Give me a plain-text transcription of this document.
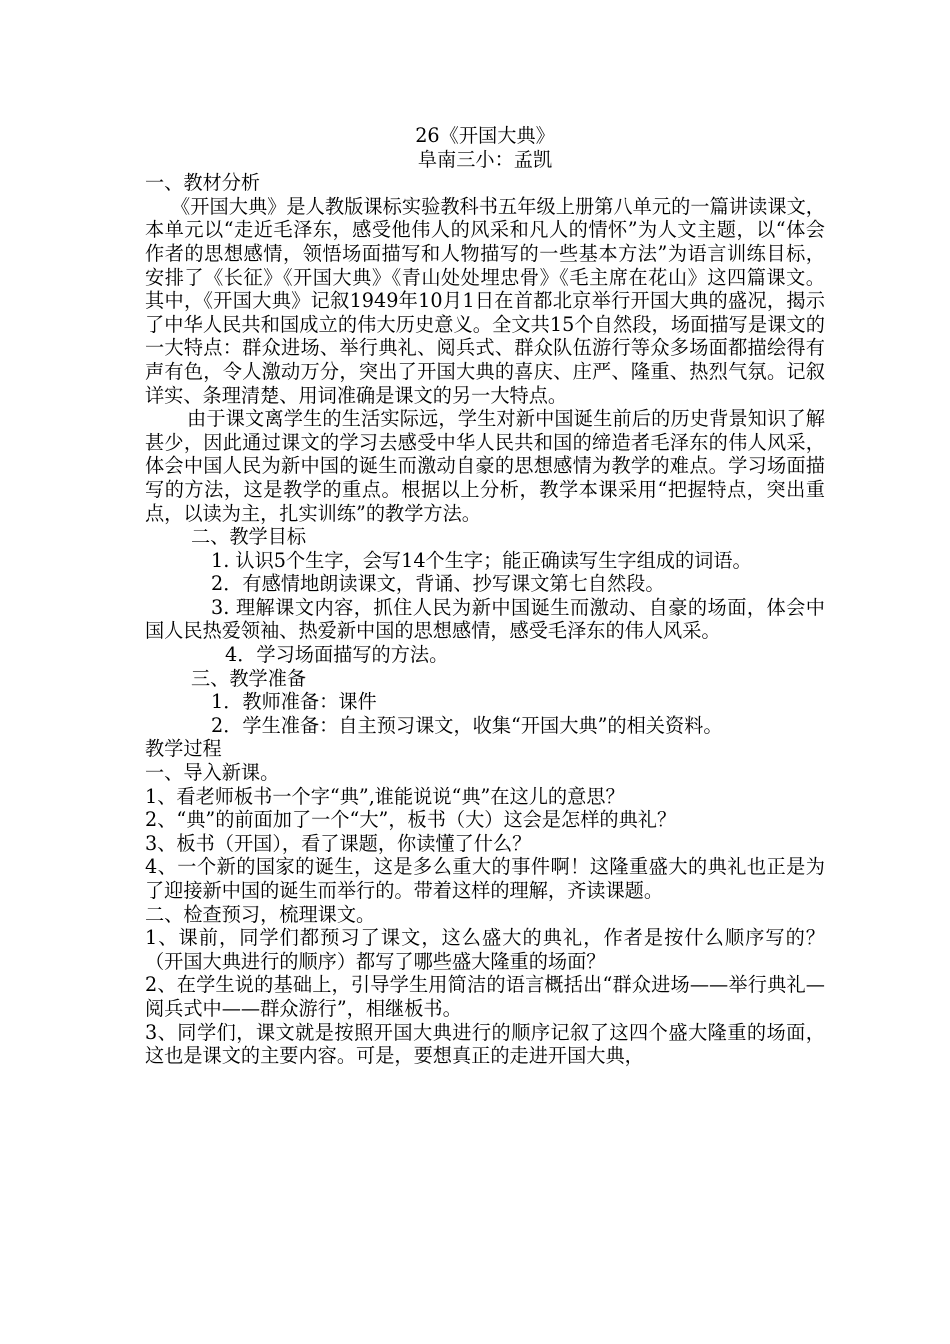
26《开国大典》

阜南三小：孟凯

一、教材分析

《开国大典》是人教版课标实验教科书五年级上册第八单元的一篇讲读课文，本单元以“走近毛泽东，感受他伟人的风采和凡人的情怀”为人文主题，以“体会作者的思想感情，领悟场面描写和人物描写的一些基本方法”为语言训练目标，安排了《长征》《开国大典》《青山处处埋忠骨》《毛主席在花山》这四篇课文。其中，《开国大典》记叙1949年10月1日在首都北京举行开国大典的盛况，揭示了中华人民共和国成立的伟大历史意义。全文共15个自然段，场面描写是课文的一大特点：群众进场、举行典礼、阅兵式、群众队伍游行等众多场面都描绘得有声有色，令人激动万分，突出了开国大典的喜庆、庄严、隆重、热烈气氛。记叙详实、条理清楚、用词准确是课文的另一大特点。

由于课文离学生的生活实际远，学生对新中国诞生前后的历史背景知识了解甚少，因此通过课文的学习去感受中华人民共和国的缔造者毛泽东的伟人风采，体会中国人民为新中国的诞生而激动自豪的思想感情为教学的难点。学习场面描写的方法，这是教学的重点。根据以上分析，教学本课采用“把握特点，突出重点，以读为主，扎实训练”的教学方法。

二、教学目标

1. 认识5个生字，会写14个生字；能正确读写生字组成的词语。

2．有感情地朗读课文，背诵、抄写课文第七自然段。

3. 理解课文内容，抓住人民为新中国诞生而激动、自豪的场面，体会中国人民热爱领袖、热爱新中国的思想感情，感受毛泽东的伟人风采。

4．学习场面描写的方法。

三、教学准备

1．教师准备：课件

2．学生准备：自主预习课文，收集“开国大典”的相关资料。

教学过程

一、导入新课。

1、看老师板书一个字“典”,谁能说说“典”在这儿的意思？

2、“典”的前面加了一个“大”，板书（大）这会是怎样的典礼？

3、板书（开国），看了课题，你读懂了什么？

4、一个新的国家的诞生，这是多么重大的事件啊！这隆重盛大的典礼也正是为了迎接新中国的诞生而举行的。带着这样的理解，齐读课题。

二、检查预习，梳理课文。

1、课前，同学们都预习了课文，这么盛大的典礼，作者是按什么顺序写的？（开国大典进行的顺序）都写了哪些盛大隆重的场面？

2、在学生说的基础上，引导学生用简洁的语言概括出“群众进场——举行典礼—阅兵式中——群众游行”，相继板书。

3、同学们，课文就是按照开国大典进行的顺序记叙了这四个盛大隆重的场面，这也是课文的主要内容。可是，要想真正的走进开国大典，
